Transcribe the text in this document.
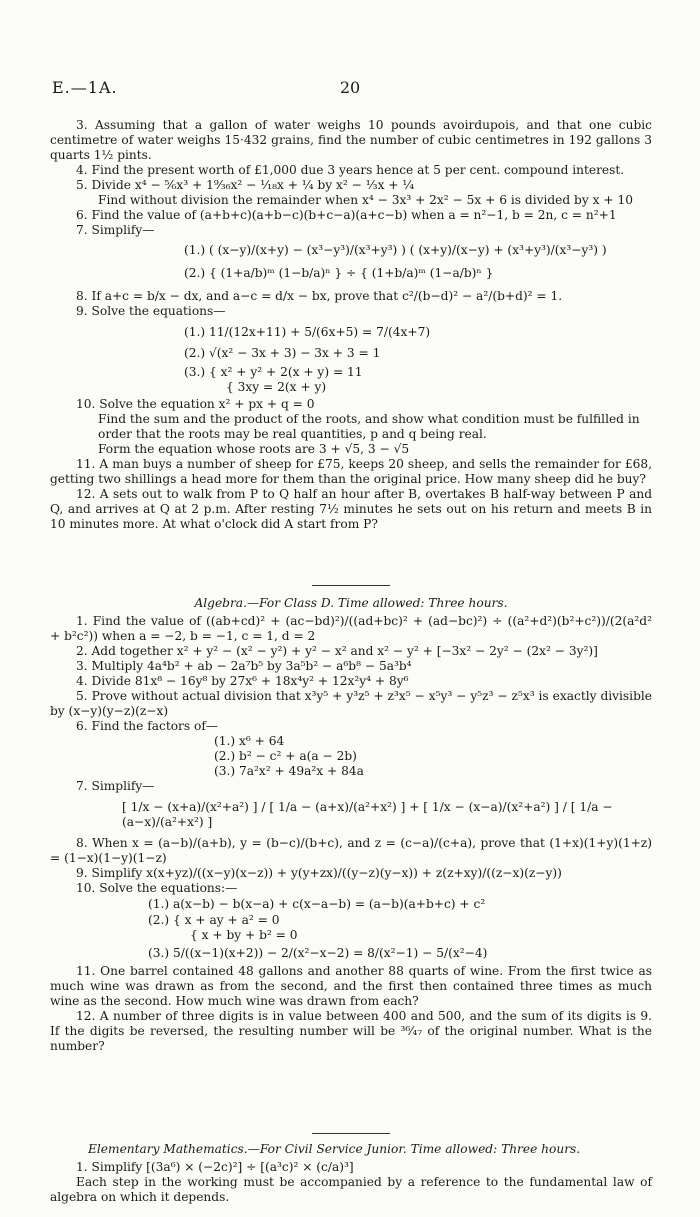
E.—1A.	20

3. Assuming that a gallon of water weighs 10 pounds avoirdupois, and that one cubic centimetre of water weighs 15·432 grains, find the number of cubic centimetres in 192 gallons 3 quarts 1½ pints.

4. Find the present worth of £1,000 due 3 years hence at 5 per cent. compound interest.

5. Divide x⁴ − ⅚x³ + 1⁹⁄₃₆x² − ⅟₁₈x + ¼ by x² − ⅓x + ¼

Find without division the remainder when x⁴ − 3x³ + 2x² − 5x + 6 is divided by x + 10

6. Find the value of (a+b+c)(a+b−c)(b+c−a)(a+c−b) when a = n²−1, b = 2n, c = n²+1

7. Simplify—

(1.) ( (x−y)/(x+y) − (x³−y³)/(x³+y³) ) ( (x+y)/(x−y) + (x³+y³)/(x³−y³) )

(2.) { (1+a/b)ᵐ (1−b/a)ⁿ } ÷ { (1+b/a)ᵐ (1−a/b)ⁿ }

8. If a+c = b/x − dx, and a−c = d/x − bx, prove that c²/(b−d)² − a²/(b+d)² = 1.

9. Solve the equations—

(1.) 11/(12x+11) + 5/(6x+5) = 7/(4x+7)

(2.) √(x² − 3x + 3) − 3x + 3 = 1

(3.) { x² + y² + 2(x + y) = 11

{ 3xy = 2(x + y)

10. Solve the equation x² + px + q = 0

Find the sum and the product of the roots, and show what condition must be fulfilled in order that the roots may be real quantities, p and q being real.

Form the equation whose roots are 3 + √5, 3 − √5

11. A man buys a number of sheep for £75, keeps 20 sheep, and sells the remainder for £68, getting two shillings a head more for them than the original price. How many sheep did he buy?

12. A sets out to walk from P to Q half an hour after B, overtakes B half-way between P and Q, and arrives at Q at 2 p.m. After resting 7½ minutes he sets out on his return and meets B in 10 minutes more. At what o'clock did A start from P?

Algebra.—For Class D. Time allowed: Three hours.

1. Find the value of ((ab+cd)² + (ac−bd)²)/((ad+bc)² + (ad−bc)²) ÷ ((a²+d²)(b²+c²))/(2(a²d² + b²c²)) when a = −2, b = −1, c = 1, d = 2

2. Add together x² + y² − (x² − y²) + y² − x² and x² − y² + [−3x² − 2y² − (2x² − 3y²)]

3. Multiply 4a⁴b² + ab − 2a⁷b⁵ by 3a⁵b² − a⁶b⁸ − 5a³b⁴

4. Divide 81x⁸ − 16y⁸ by 27x⁶ + 18x⁴y² + 12x²y⁴ + 8y⁶

5. Prove without actual division that x³y⁵ + y³z⁵ + z³x⁵ − x⁵y³ − y⁵z³ − z⁵x³ is exactly divisible by (x−y)(y−z)(z−x)

6. Find the factors of—

(1.) x⁶ + 64

(2.) b² − c² + a(a − 2b)

(3.) 7a²x² + 49a²x + 84a

7. Simplify—

[ 1/x − (x+a)/(x²+a²) ] / [ 1/a − (a+x)/(a²+x²) ] + [ 1/x − (x−a)/(x²+a²) ] / [ 1/a − (a−x)/(a²+x²) ]

8. When x = (a−b)/(a+b), y = (b−c)/(b+c), and z = (c−a)/(c+a), prove that (1+x)(1+y)(1+z) = (1−x)(1−y)(1−z)

9. Simplify x(x+yz)/((x−y)(x−z)) + y(y+zx)/((y−z)(y−x)) + z(z+xy)/((z−x)(z−y))

10. Solve the equations:—

(1.) a(x−b) − b(x−a) + c(x−a−b) = (a−b)(a+b+c) + c²

(2.) { x + ay + a² = 0

{ x + by + b² = 0

(3.) 5/((x−1)(x+2)) − 2/(x²−x−2) = 8/(x²−1) − 5/(x²−4)

11. One barrel contained 48 gallons and another 88 quarts of wine. From the first twice as much wine was drawn as from the second, and the first then contained three times as much wine as the second. How much wine was drawn from each?

12. A number of three digits is in value between 400 and 500, and the sum of its digits is 9. If the digits be reversed, the resulting number will be ³⁶⁄₄₇ of the original number. What is the number?

Elementary Mathematics.—For Civil Service Junior. Time allowed: Three hours.

1. Simplify [(3a⁶) × (−2c)²] ÷ [(a³c)² × (c/a)³]

Each step in the working must be accompanied by a reference to the fundamental law of algebra on which it depends.
